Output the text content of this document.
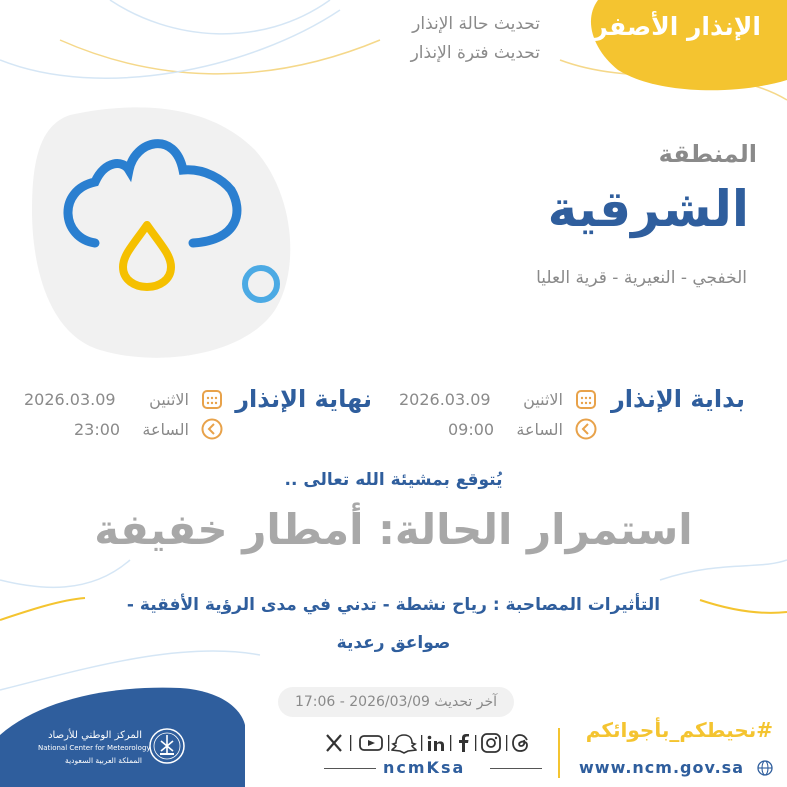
الإنذار الأصفر
تحديث حالة الإنذار
تحديث فترة الإنذار
المنطقة
الشرقية
الخفجي - النعيرية - قرية العليا
بداية الإنذار
الاثنين
2026.03.09
الساعة
09:00
نهاية الإنذار
الاثنين
2026.03.09
الساعة
23:00
يُتوقع بمشيئة الله تعالى ..
استمرار الحالة: أمطار خفيفة
التأثيرات المصاحبة : رياح نشطة - تدني في مدى الرؤية الأفقية - صواعق رعدية
آخر تحديث 2026/03/09 - 17:06
#نحيطكم_بأجوائكم
www.ncm.gov.sa
ncmKsa
المركز الوطني للأرصاد
National Center for Meteorology
المملكة العربية السعودية
